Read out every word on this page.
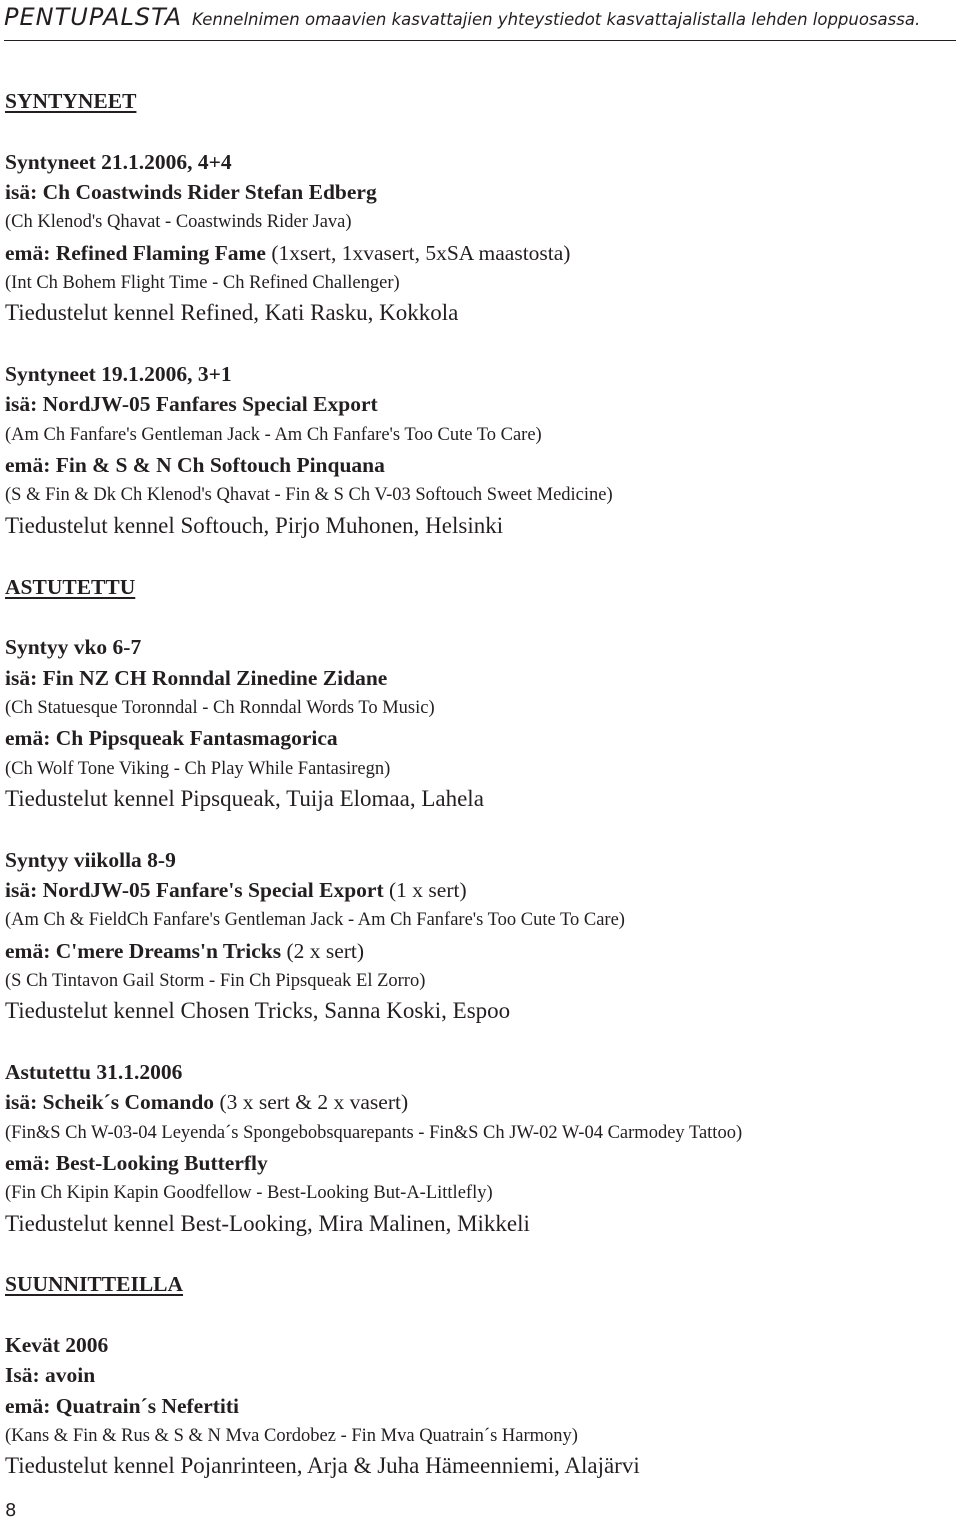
PENTUPALSTA Kennelnimen omaavien kasvattajien yhteystiedot kasvattajalistalla lehden loppuosassa.
SYNTYNEET
Syntyneet 21.1.2006, 4+4
isä: Ch Coastwinds Rider Stefan Edberg
(Ch Klenod's Qhavat - Coastwinds Rider Java)
emä: Refined Flaming Fame (1xsert, 1xvasert, 5xSA maastosta)
(Int Ch Bohem Flight Time - Ch Refined Challenger)
Tiedustelut kennel Refined, Kati Rasku, Kokkola
Syntyneet 19.1.2006, 3+1
isä: NordJW-05 Fanfares Special Export
(Am Ch Fanfare's Gentleman Jack - Am Ch Fanfare's Too Cute To Care)
emä: Fin & S & N Ch Softouch Pinquana
(S & Fin & Dk Ch Klenod's Qhavat - Fin & S Ch V-03 Softouch Sweet Medicine)
Tiedustelut kennel Softouch, Pirjo Muhonen, Helsinki
ASTUTETTU
Syntyy vko 6-7
isä: Fin NZ CH Ronndal Zinedine Zidane
(Ch Statuesque Toronndal - Ch Ronndal Words To Music)
emä: Ch Pipsqueak Fantasmagorica
(Ch Wolf Tone Viking - Ch Play While Fantasiregn)
Tiedustelut kennel Pipsqueak, Tuija Elomaa, Lahela
Syntyy viikolla 8-9
isä: NordJW-05 Fanfare's Special Export (1 x sert)
(Am Ch & FieldCh Fanfare's Gentleman Jack - Am Ch Fanfare's Too Cute To Care)
emä: C'mere Dreams'n Tricks (2 x sert)
(S Ch Tintavon Gail Storm - Fin Ch Pipsqueak El Zorro)
Tiedustelut kennel Chosen Tricks, Sanna Koski, Espoo
Astutettu 31.1.2006
isä: Scheik´s Comando (3 x sert & 2 x vasert)
(Fin&S Ch W-03-04 Leyenda´s Spongebobsquarepants - Fin&S Ch JW-02 W-04 Carmodey Tattoo)
emä: Best-Looking Butterfly
(Fin Ch Kipin Kapin Goodfellow - Best-Looking But-A-Littlefly)
Tiedustelut kennel Best-Looking, Mira Malinen, Mikkeli
SUUNNITTEILLA
Kevät 2006
Isä: avoin
emä: Quatrain´s Nefertiti
(Kans & Fin & Rus & S & N Mva Cordobez - Fin Mva Quatrain´s Harmony)
Tiedustelut kennel Pojanrinteen, Arja & Juha Hämeenniemi, Alajärvi
8
